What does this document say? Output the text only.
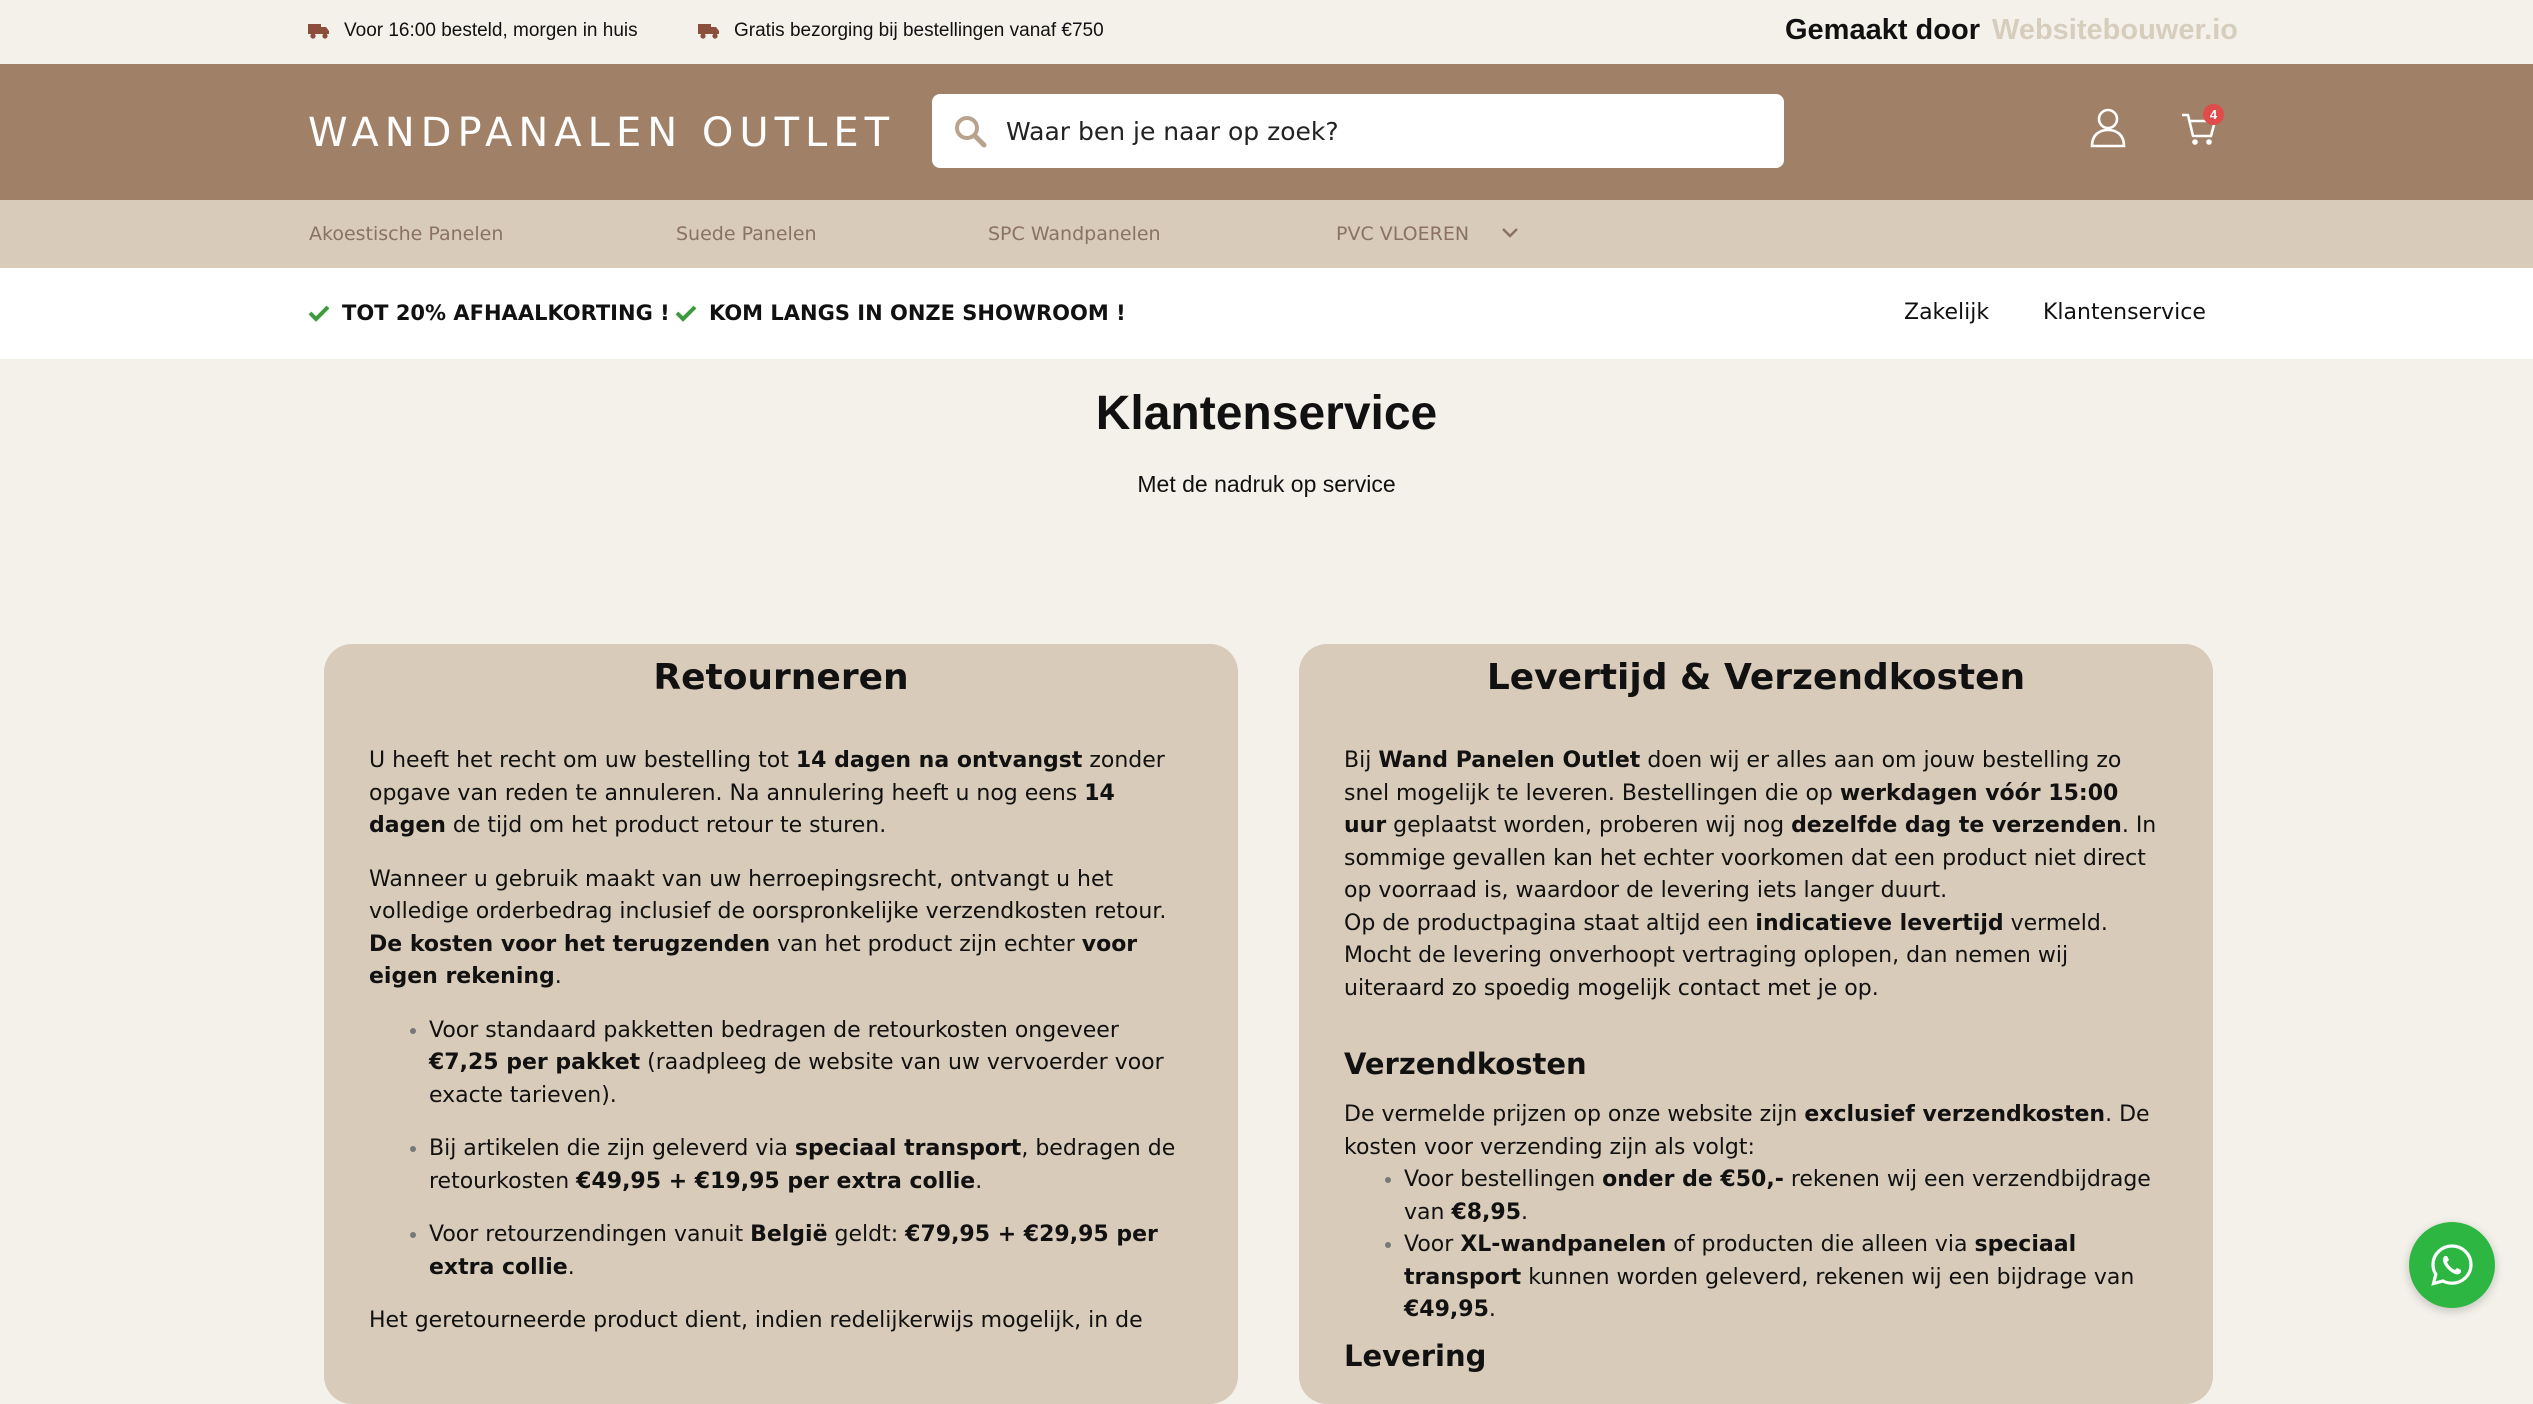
Voor 16:00 besteld, morgen in huis	Gratis bezorging bij bestellingen vanaf €750	Gemaakt door Websitebouwer.io
WANDPANALEN OUTLET
Waar ben je naar op zoek?	4
Akoestische Panelen	Suede Panelen	SPC Wandpanelen	PVC VLOEREN
TOT 20% AFHAALKORTING ! KOM LANGS IN ONZE SHOWROOM !	Zakelijk Klantenservice
Klantenservice
Met de nadruk op service
Retourneren

U heeft het recht om uw bestelling tot 14 dagen na ontvangst zonder opgave van reden te annuleren. Na annulering heeft u nog eens 14 dagen de tijd om het product retour te sturen.

Wanneer u gebruik maakt van uw herroepingsrecht, ontvangt u het volledige orderbedrag inclusief de oorspronkelijke verzendkosten retour. De kosten voor het terugzenden van het product zijn echter voor eigen rekening.

• Voor standaard pakketten bedragen de retourkosten ongeveer €7,25 per pakket (raadpleeg de website van uw vervoerder voor exacte tarieven).
• Bij artikelen die zijn geleverd via speciaal transport, bedragen de retourkosten €49,95 + €19,95 per extra collie.
• Voor retourzendingen vanuit België geldt: €79,95 + €29,95 per extra collie.

Het geretourneerde product dient, indien redelijkerwijs mogelijk, in de

Levertijd & Verzendkosten

Bij Wand Panelen Outlet doen wij er alles aan om jouw bestelling zo snel mogelijk te leveren. Bestellingen die op werkdagen vóór 15:00 uur geplaatst worden, proberen wij nog dezelfde dag te verzenden. In sommige gevallen kan het echter voorkomen dat een product niet direct op voorraad is, waardoor de levering iets langer duurt.

Op de productpagina staat altijd een indicatieve levertijd vermeld. Mocht de levering onverhoopt vertraging oplopen, dan nemen wij uiteraard zo spoedig mogelijk contact met je op.

Verzendkosten

De vermelde prijzen op onze website zijn exclusief verzendkosten. De kosten voor verzending zijn als volgt:

• Voor bestellingen onder de €50,- rekenen wij een verzendbijdrage van €8,95.
• Voor XL-wandpanelen of producten die alleen via speciaal transport kunnen worden geleverd, rekenen wij een bijdrage van €49,95.
Levering
